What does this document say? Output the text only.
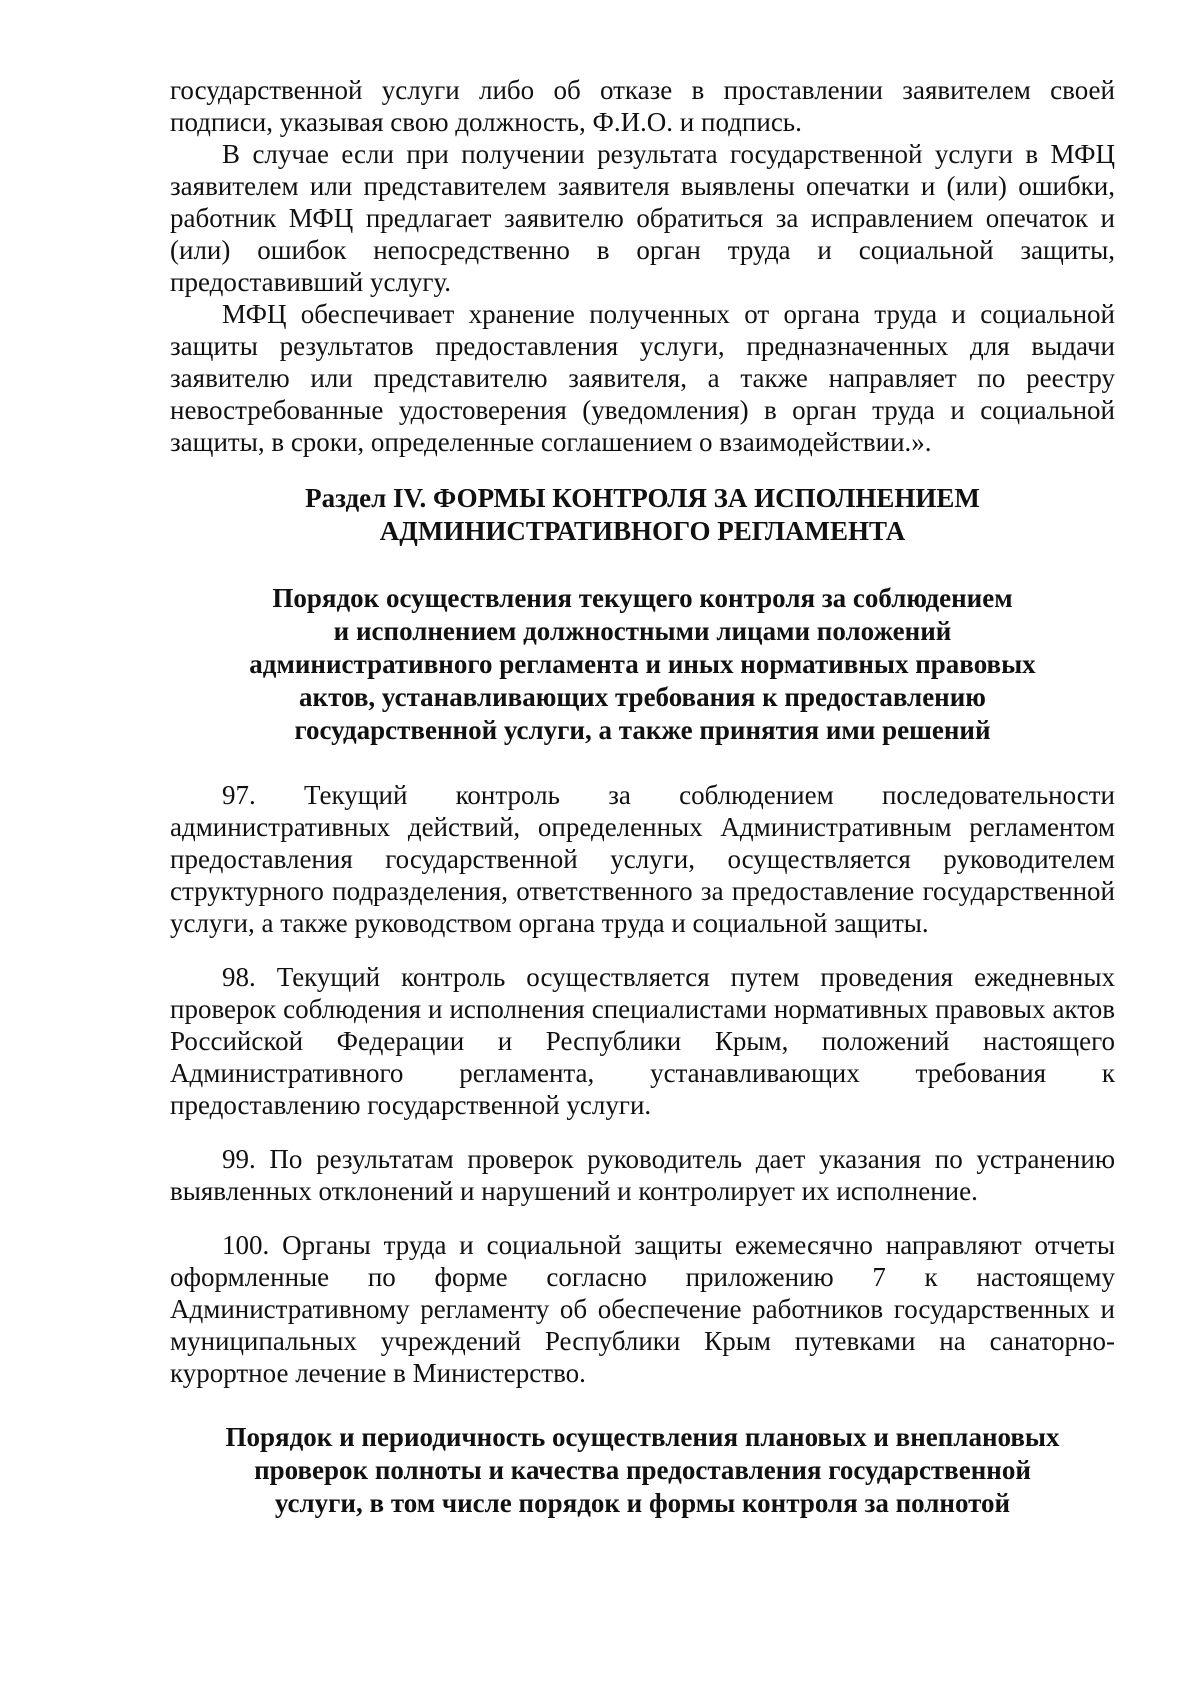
государственной услуги либо об отказе в проставлении заявителем своей подписи, указывая свою должность, Ф.И.О. и подпись.

В случае если при получении результата государственной услуги в МФЦ заявителем или представителем заявителя выявлены опечатки и (или) ошибки, работник МФЦ предлагает заявителю обратиться за исправлением опечаток и (или) ошибок непосредственно в орган труда и социальной защиты, предоставивший услугу.

МФЦ обеспечивает хранение полученных от органа труда и социальной защиты результатов предоставления услуги, предназначенных для выдачи заявителю или представителю заявителя, а также направляет по реестру невостребованные удостоверения (уведомления) в орган труда и социальной защиты, в сроки, определенные соглашением о взаимодействии.».

Раздел IV. ФОРМЫ КОНТРОЛЯ ЗА ИСПОЛНЕНИЕМ
АДМИНИСТРАТИВНОГО РЕГЛАМЕНТА
Порядок осуществления текущего контроля за соблюдением
и исполнением должностными лицами положений
административного регламента и иных нормативных правовых
актов, устанавливающих требования к предоставлению
государственной услуги, а также принятия ими решений

97. Текущий контроль за соблюдением последовательности административных действий, определенных Административным регламентом предоставления государственной услуги, осуществляется руководителем структурного подразделения, ответственного за предоставление государственной услуги, а также руководством органа труда и социальной защиты.

98. Текущий контроль осуществляется путем проведения ежедневных проверок соблюдения и исполнения специалистами нормативных правовых актов Российской Федерации и Республики Крым, положений настоящего Административного регламента, устанавливающих требования к предоставлению государственной услуги.

99. По результатам проверок руководитель дает указания по устранению выявленных отклонений и нарушений и контролирует их исполнение.

100. Органы труда и социальной защиты ежемесячно направляют отчеты оформленные по форме согласно приложению 7 к настоящему Административному регламенту об обеспечение работников государственных и муниципальных учреждений Республики Крым путевками на санаторно-курортное лечение в Министерство.

Порядок и периодичность осуществления плановых и внеплановых
проверок полноты и качества предоставления государственной
услуги, в том числе порядок и формы контроля за полнотой
